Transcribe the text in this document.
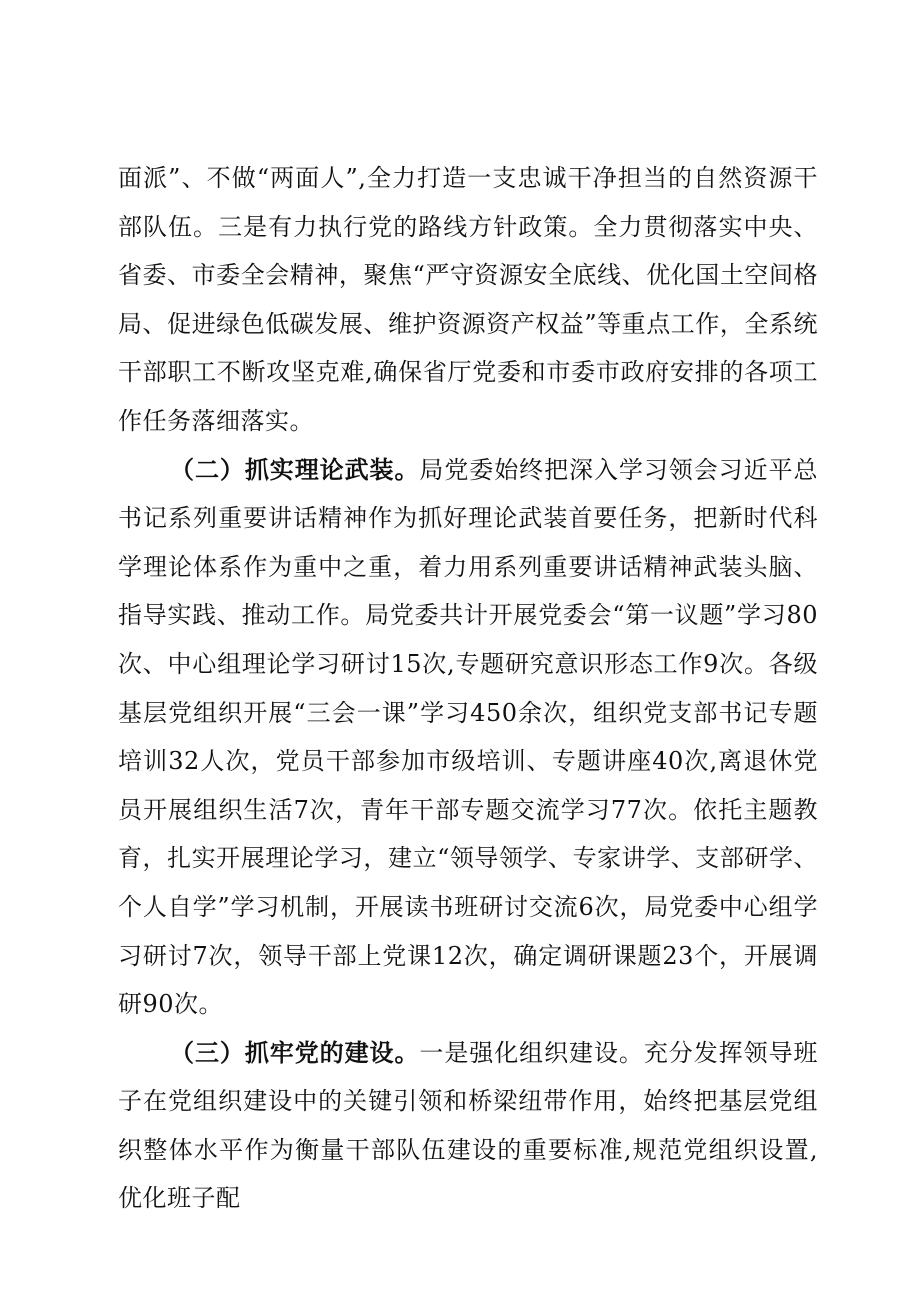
面派”、不做“两面人”,全力打造一支忠诚干净担当的自然资源干部队伍。三是有力执行党的路线方针政策。全力贯彻落实中央、省委、市委全会精神，聚焦“严守资源安全底线、优化国土空间格局、促进绿色低碳发展、维护资源资产权益”等重点工作，全系统干部职工不断攻坚克难,确保省厅党委和市委市政府安排的各项工作任务落细落实。

（二）抓实理论武装。局党委始终把深入学习领会习近平总书记系列重要讲话精神作为抓好理论武装首要任务，把新时代科学理论体系作为重中之重，着力用系列重要讲话精神武装头脑、指导实践、推动工作。局党委共计开展党委会“第一议题”学习80次、中心组理论学习研讨15次,专题研究意识形态工作9次。各级基层党组织开展“三会一课”学习450余次，组织党支部书记专题培训32人次，党员干部参加市级培训、专题讲座40次,离退休党员开展组织生活7次，青年干部专题交流学习77次。依托主题教育，扎实开展理论学习，建立“领导领学、专家讲学、支部研学、个人自学”学习机制，开展读书班研讨交流6次，局党委中心组学习研讨7次，领导干部上党课12次，确定调研课题23个，开展调研90次。

（三）抓牢党的建设。一是强化组织建设。充分发挥领导班子在党组织建设中的关键引领和桥梁纽带作用，始终把基层党组织整体水平作为衡量干部队伍建设的重要标准,规范党组织设置,优化班子配
